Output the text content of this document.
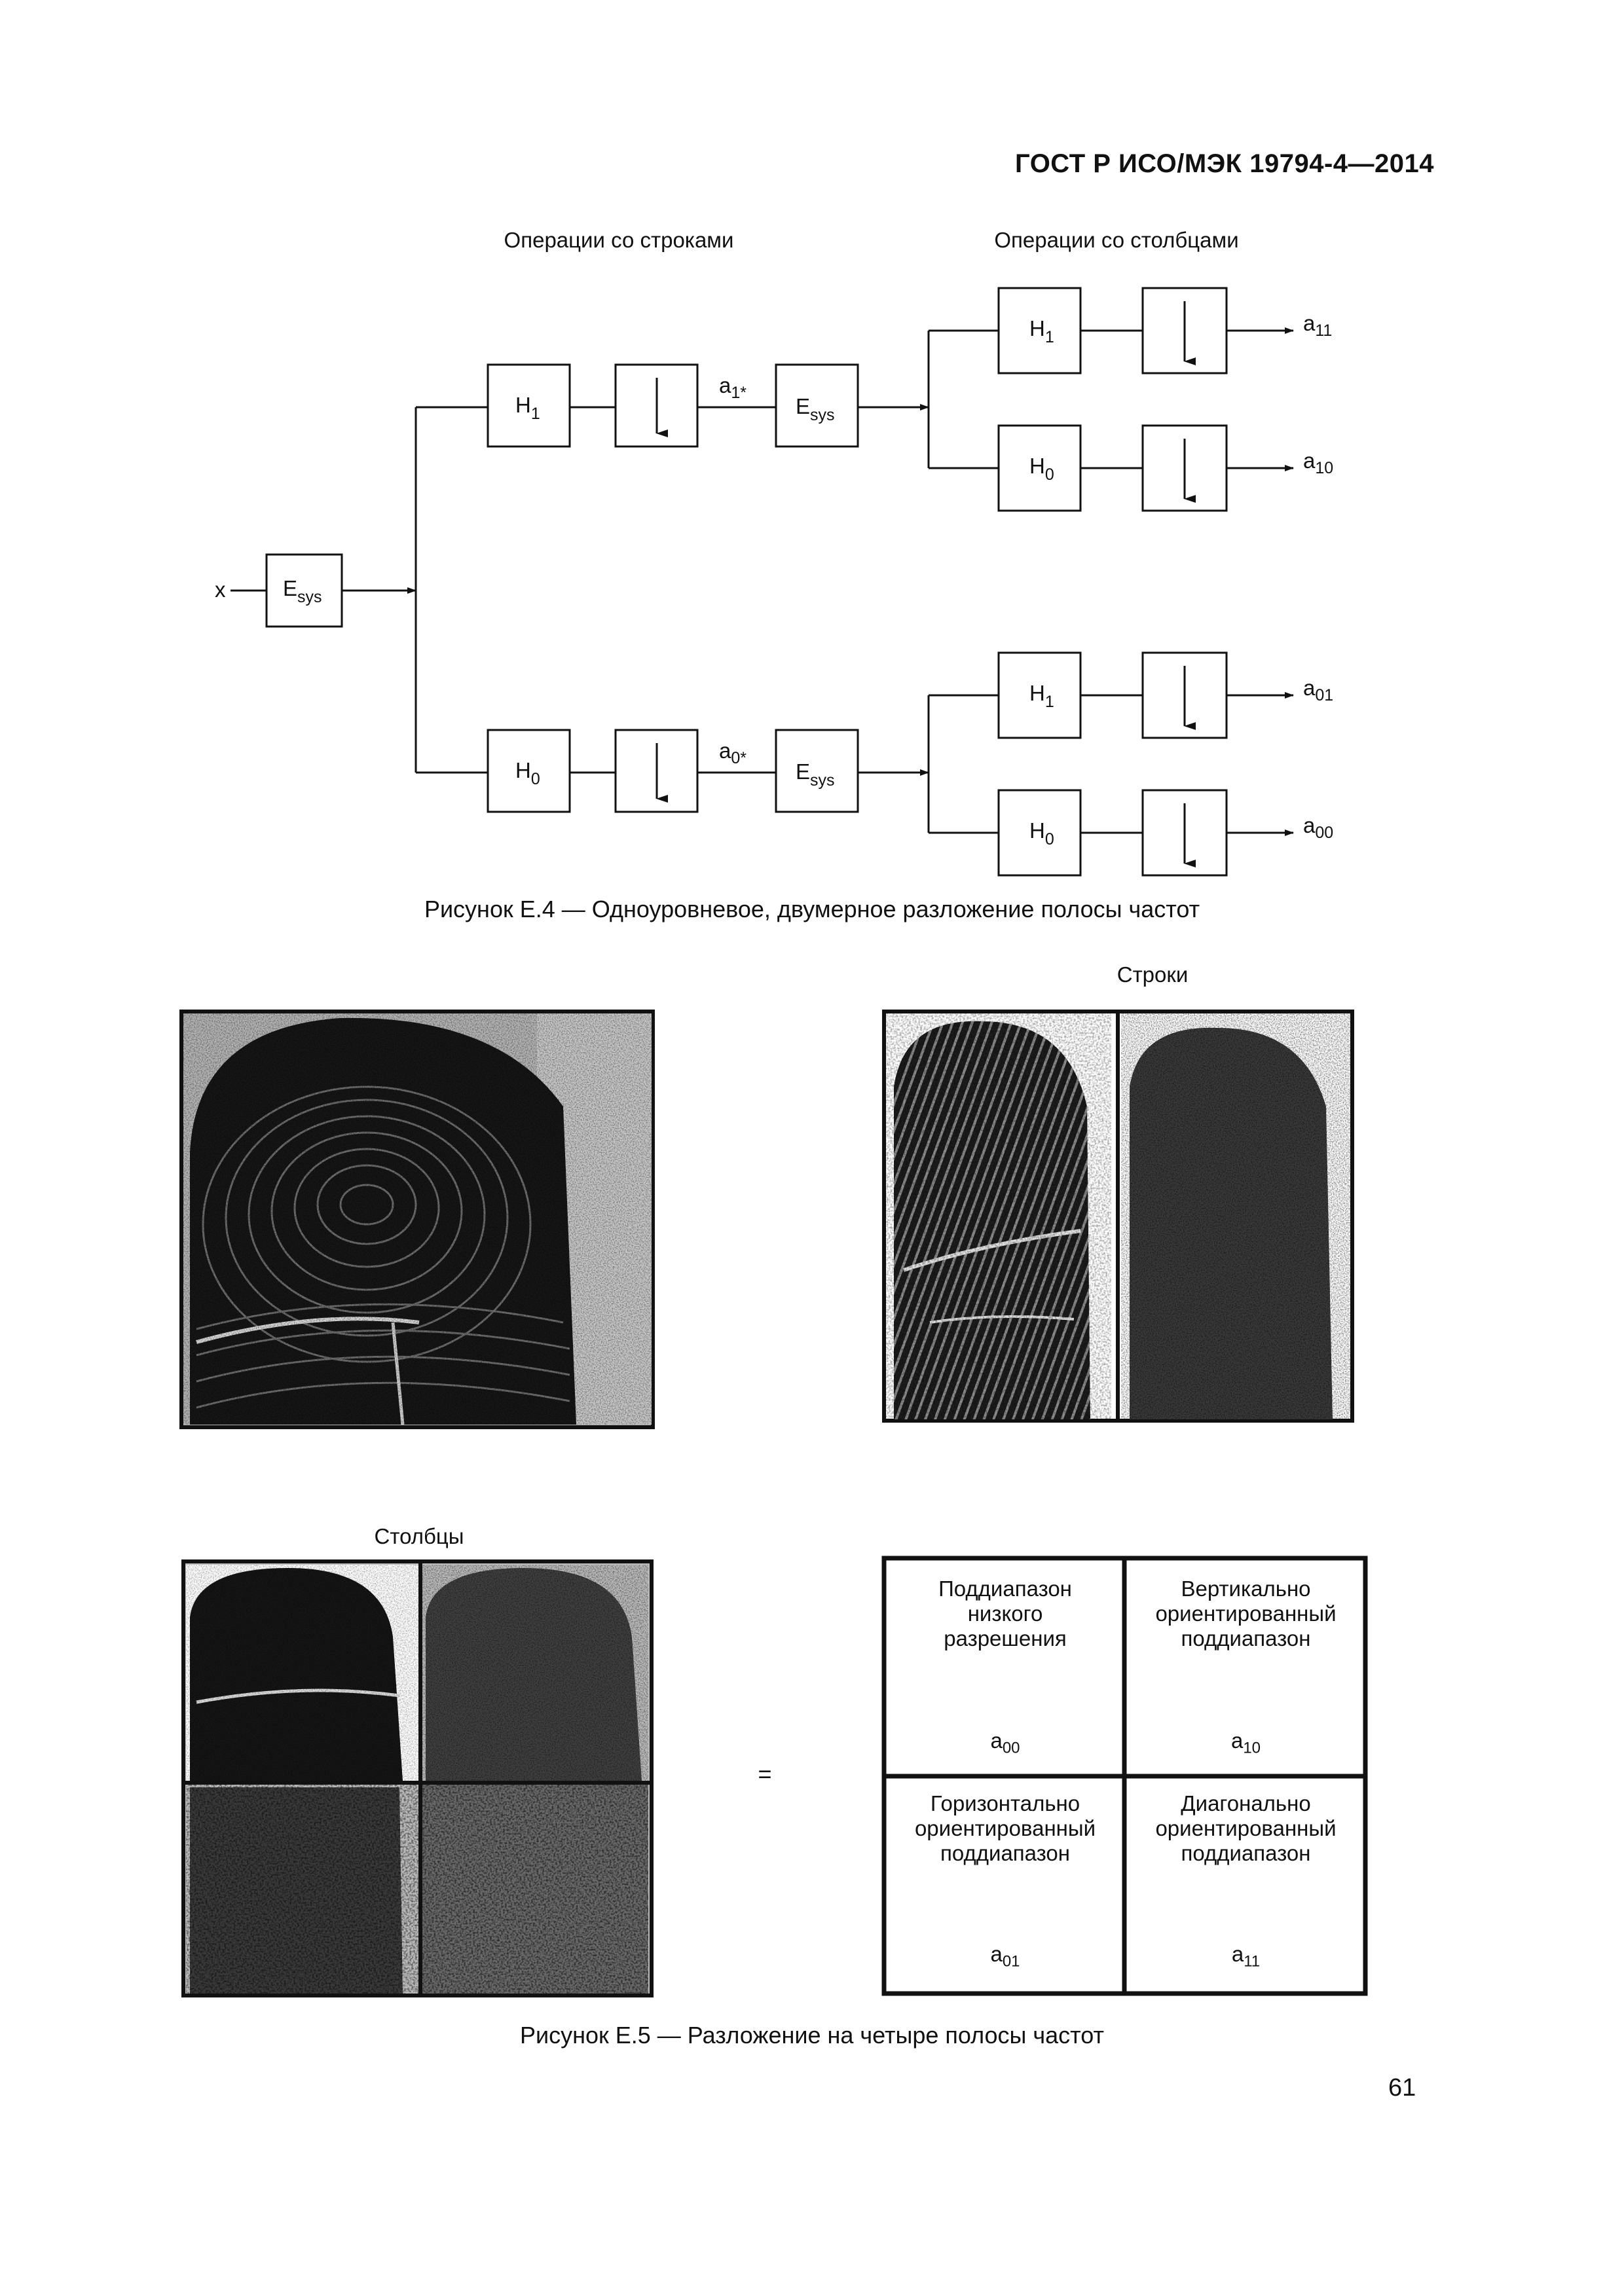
ГОСТ Р ИСО/МЭК 19794-4—2014
Операции со строками	Операции со столбцами
x	$E_{sys}$
$E_{sys}$
$E_{sys}$
$H_1$
$H_0$
$H_1$
$H_0$
$H_1$
$H_0$
$a_{1*}$
$a_{0*}$
$a_{11}$
$a_{10}$
$a_{01}$
$a_{00}$
Рисунок Е.4 — Одноуровневое, двумерное разложение полосы частот
Строки
Столбцы
=
Поддиапазон
низкого
разрешения
$a_{00}$
Вертикально
ориентированный
поддиапазон
$a_{10}$
Горизонтально
ориентированный
поддиапазон
$a_{01}$
Диагонально
ориентированный
поддиапазон
$a_{11}$
Рисунок Е.5 — Разложение на четыре полосы частот
61
